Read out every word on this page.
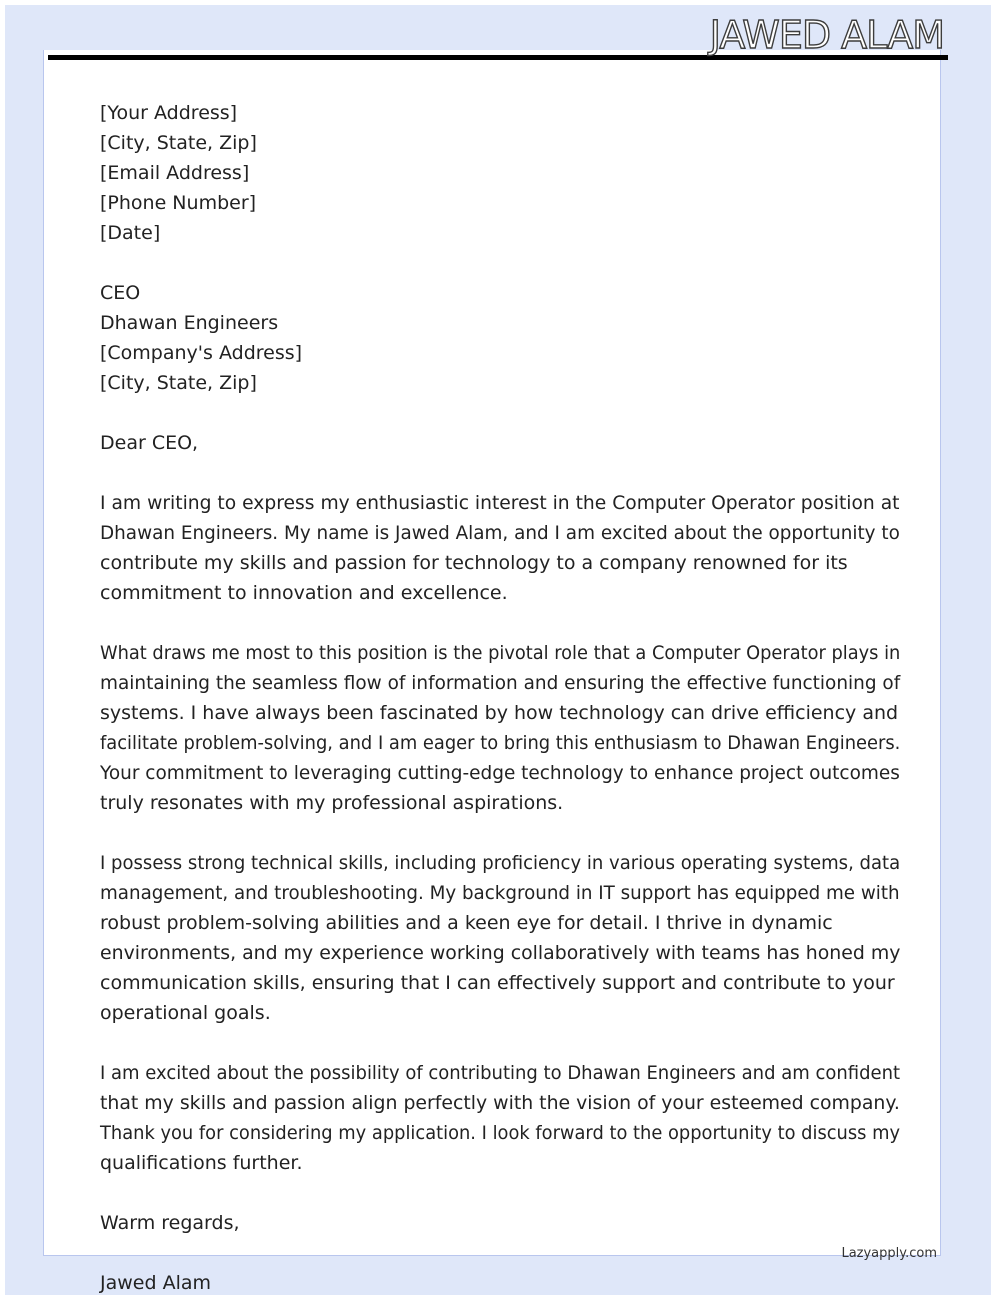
JAWED ALAM
[Your Address]
[City, State, Zip]
[Email Address]
[Phone Number]
[Date]
CEO
Dhawan Engineers
[Company's Address]
[City, State, Zip]
Dear CEO,
I am writing to express my enthusiastic interest in the Computer Operator position at
Dhawan Engineers. My name is Jawed Alam, and I am excited about the opportunity to
contribute my skills and passion for technology to a company renowned for its
commitment to innovation and excellence.
What draws me most to this position is the pivotal role that a Computer Operator plays in
maintaining the seamless flow of information and ensuring the effective functioning of
systems. I have always been fascinated by how technology can drive efficiency and
facilitate problem-solving, and I am eager to bring this enthusiasm to Dhawan Engineers.
Your commitment to leveraging cutting-edge technology to enhance project outcomes
truly resonates with my professional aspirations.
I possess strong technical skills, including proficiency in various operating systems, data
management, and troubleshooting. My background in IT support has equipped me with
robust problem-solving abilities and a keen eye for detail. I thrive in dynamic
environments, and my experience working collaboratively with teams has honed my
communication skills, ensuring that I can effectively support and contribute to your
operational goals.
I am excited about the possibility of contributing to Dhawan Engineers and am confident
that my skills and passion align perfectly with the vision of your esteemed company.
Thank you for considering my application. I look forward to the opportunity to discuss my
qualifications further.
Warm regards,
Jawed Alam
Lazyapply.com
